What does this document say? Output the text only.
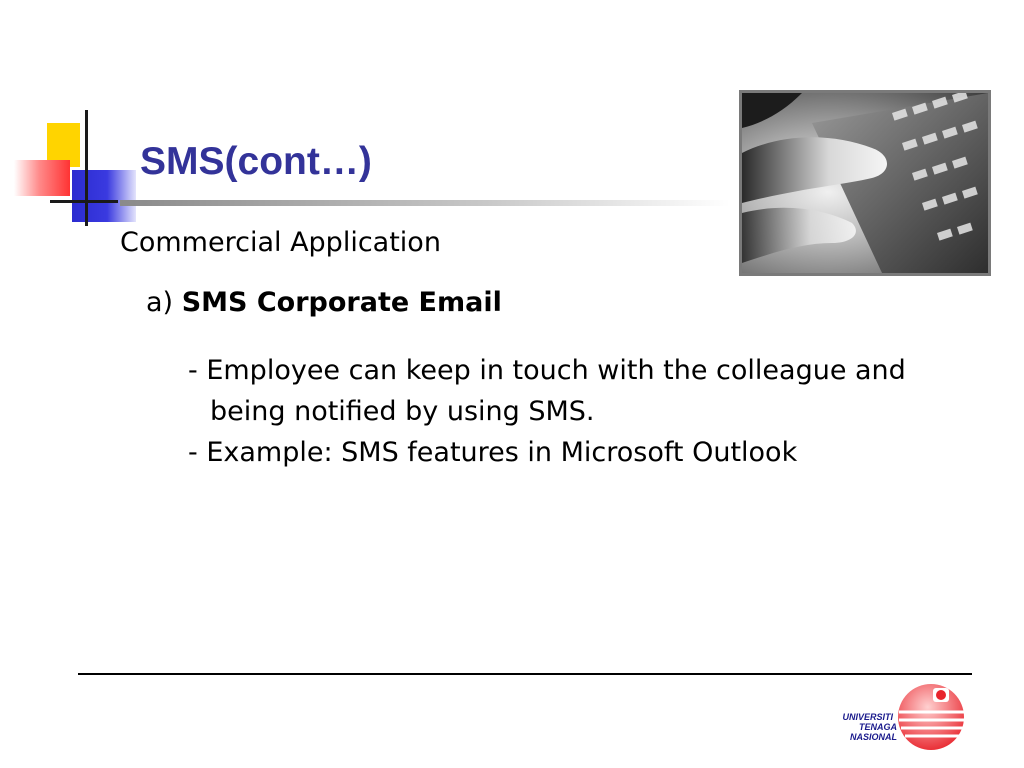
SMS(cont…)

Commercial Application

a) SMS Corporate Email

- Employee can keep in touch with the colleague and

being notified by using SMS.

- Example: SMS features in Microsoft Outlook

UNIVERSITI
TENAGA
NASIONAL
